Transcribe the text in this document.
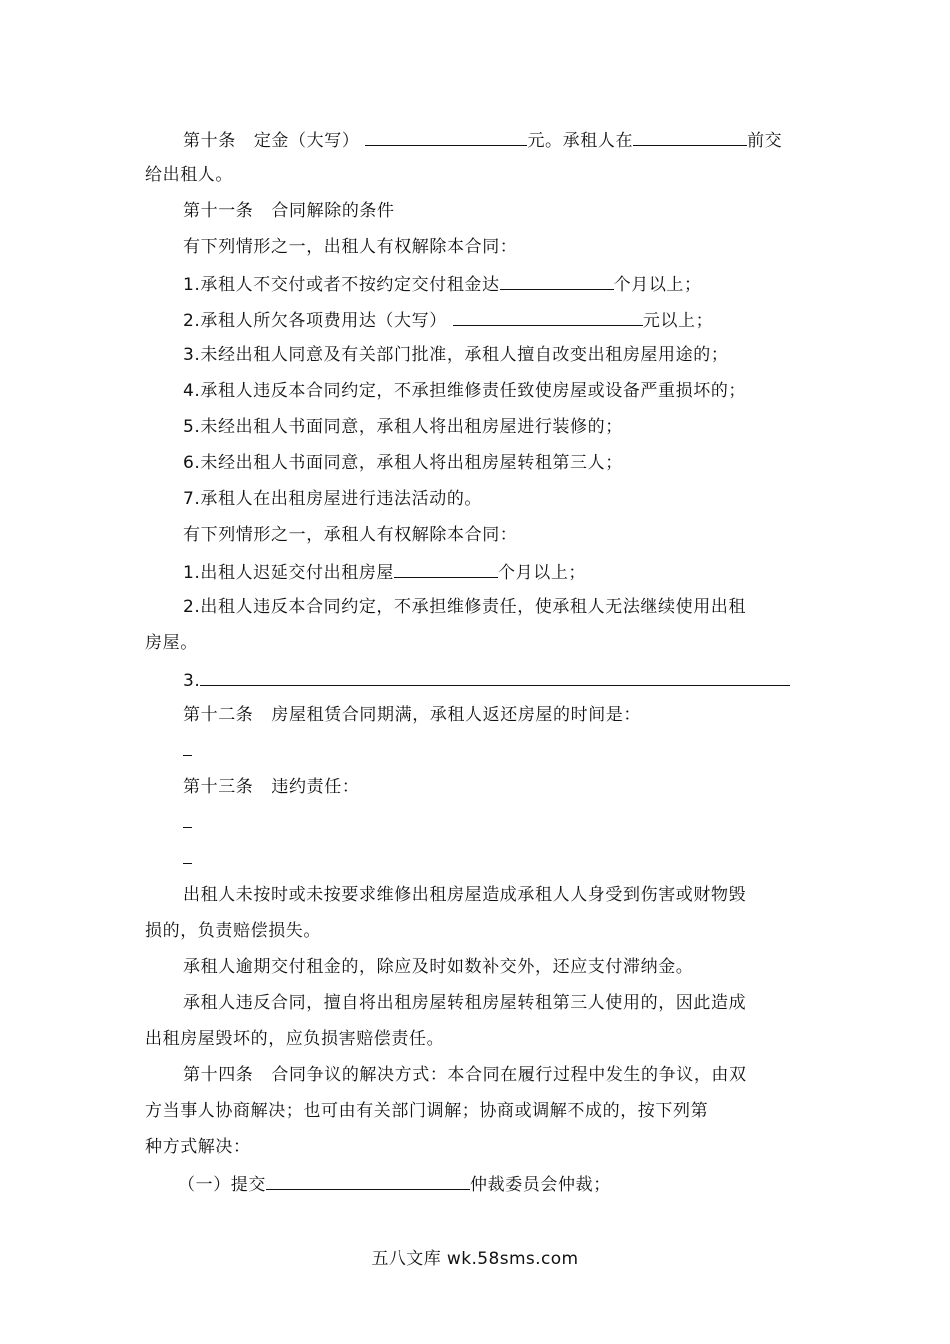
第十条 定金（大写）	元。承租人在	前交
给出租人。
第十一条 合同解除的条件
有下列情形之一，出租人有权解除本合同：
1.承租人不交付或者不按约定交付租金达	个月以上；
2.承租人所欠各项费用达（大写）	元以上；
3.未经出租人同意及有关部门批准，承租人擅自改变出租房屋用途的；
4.承租人违反本合同约定，不承担维修责任致使房屋或设备严重损坏的；
5.未经出租人书面同意，承租人将出租房屋进行装修的；
6.未经出租人书面同意，承租人将出租房屋转租第三人；
7.承租人在出租房屋进行违法活动的。
有下列情形之一，承租人有权解除本合同：
1.出租人迟延交付出租房屋	个月以上；
2.出租人违反本合同约定，不承担维修责任，使承租人无法继续使用出租
房屋。
3.
第十二条 房屋租赁合同期满，承租人返还房屋的时间是：
第十三条 违约责任：
出租人未按时或未按要求维修出租房屋造成承租人人身受到伤害或财物毁
损的，负责赔偿损失。
承租人逾期交付租金的，除应及时如数补交外，还应支付滞纳金。
承租人违反合同，擅自将出租房屋转租房屋转租第三人使用的，因此造成
出租房屋毁坏的，应负损害赔偿责任。
第十四条 合同争议的解决方式：本合同在履行过程中发生的争议，由双
方当事人协商解决；也可由有关部门调解；协商或调解不成的，按下列第
种方式解决：
（一）提交	仲裁委员会仲裁；
五八文库 wk.58sms.com
